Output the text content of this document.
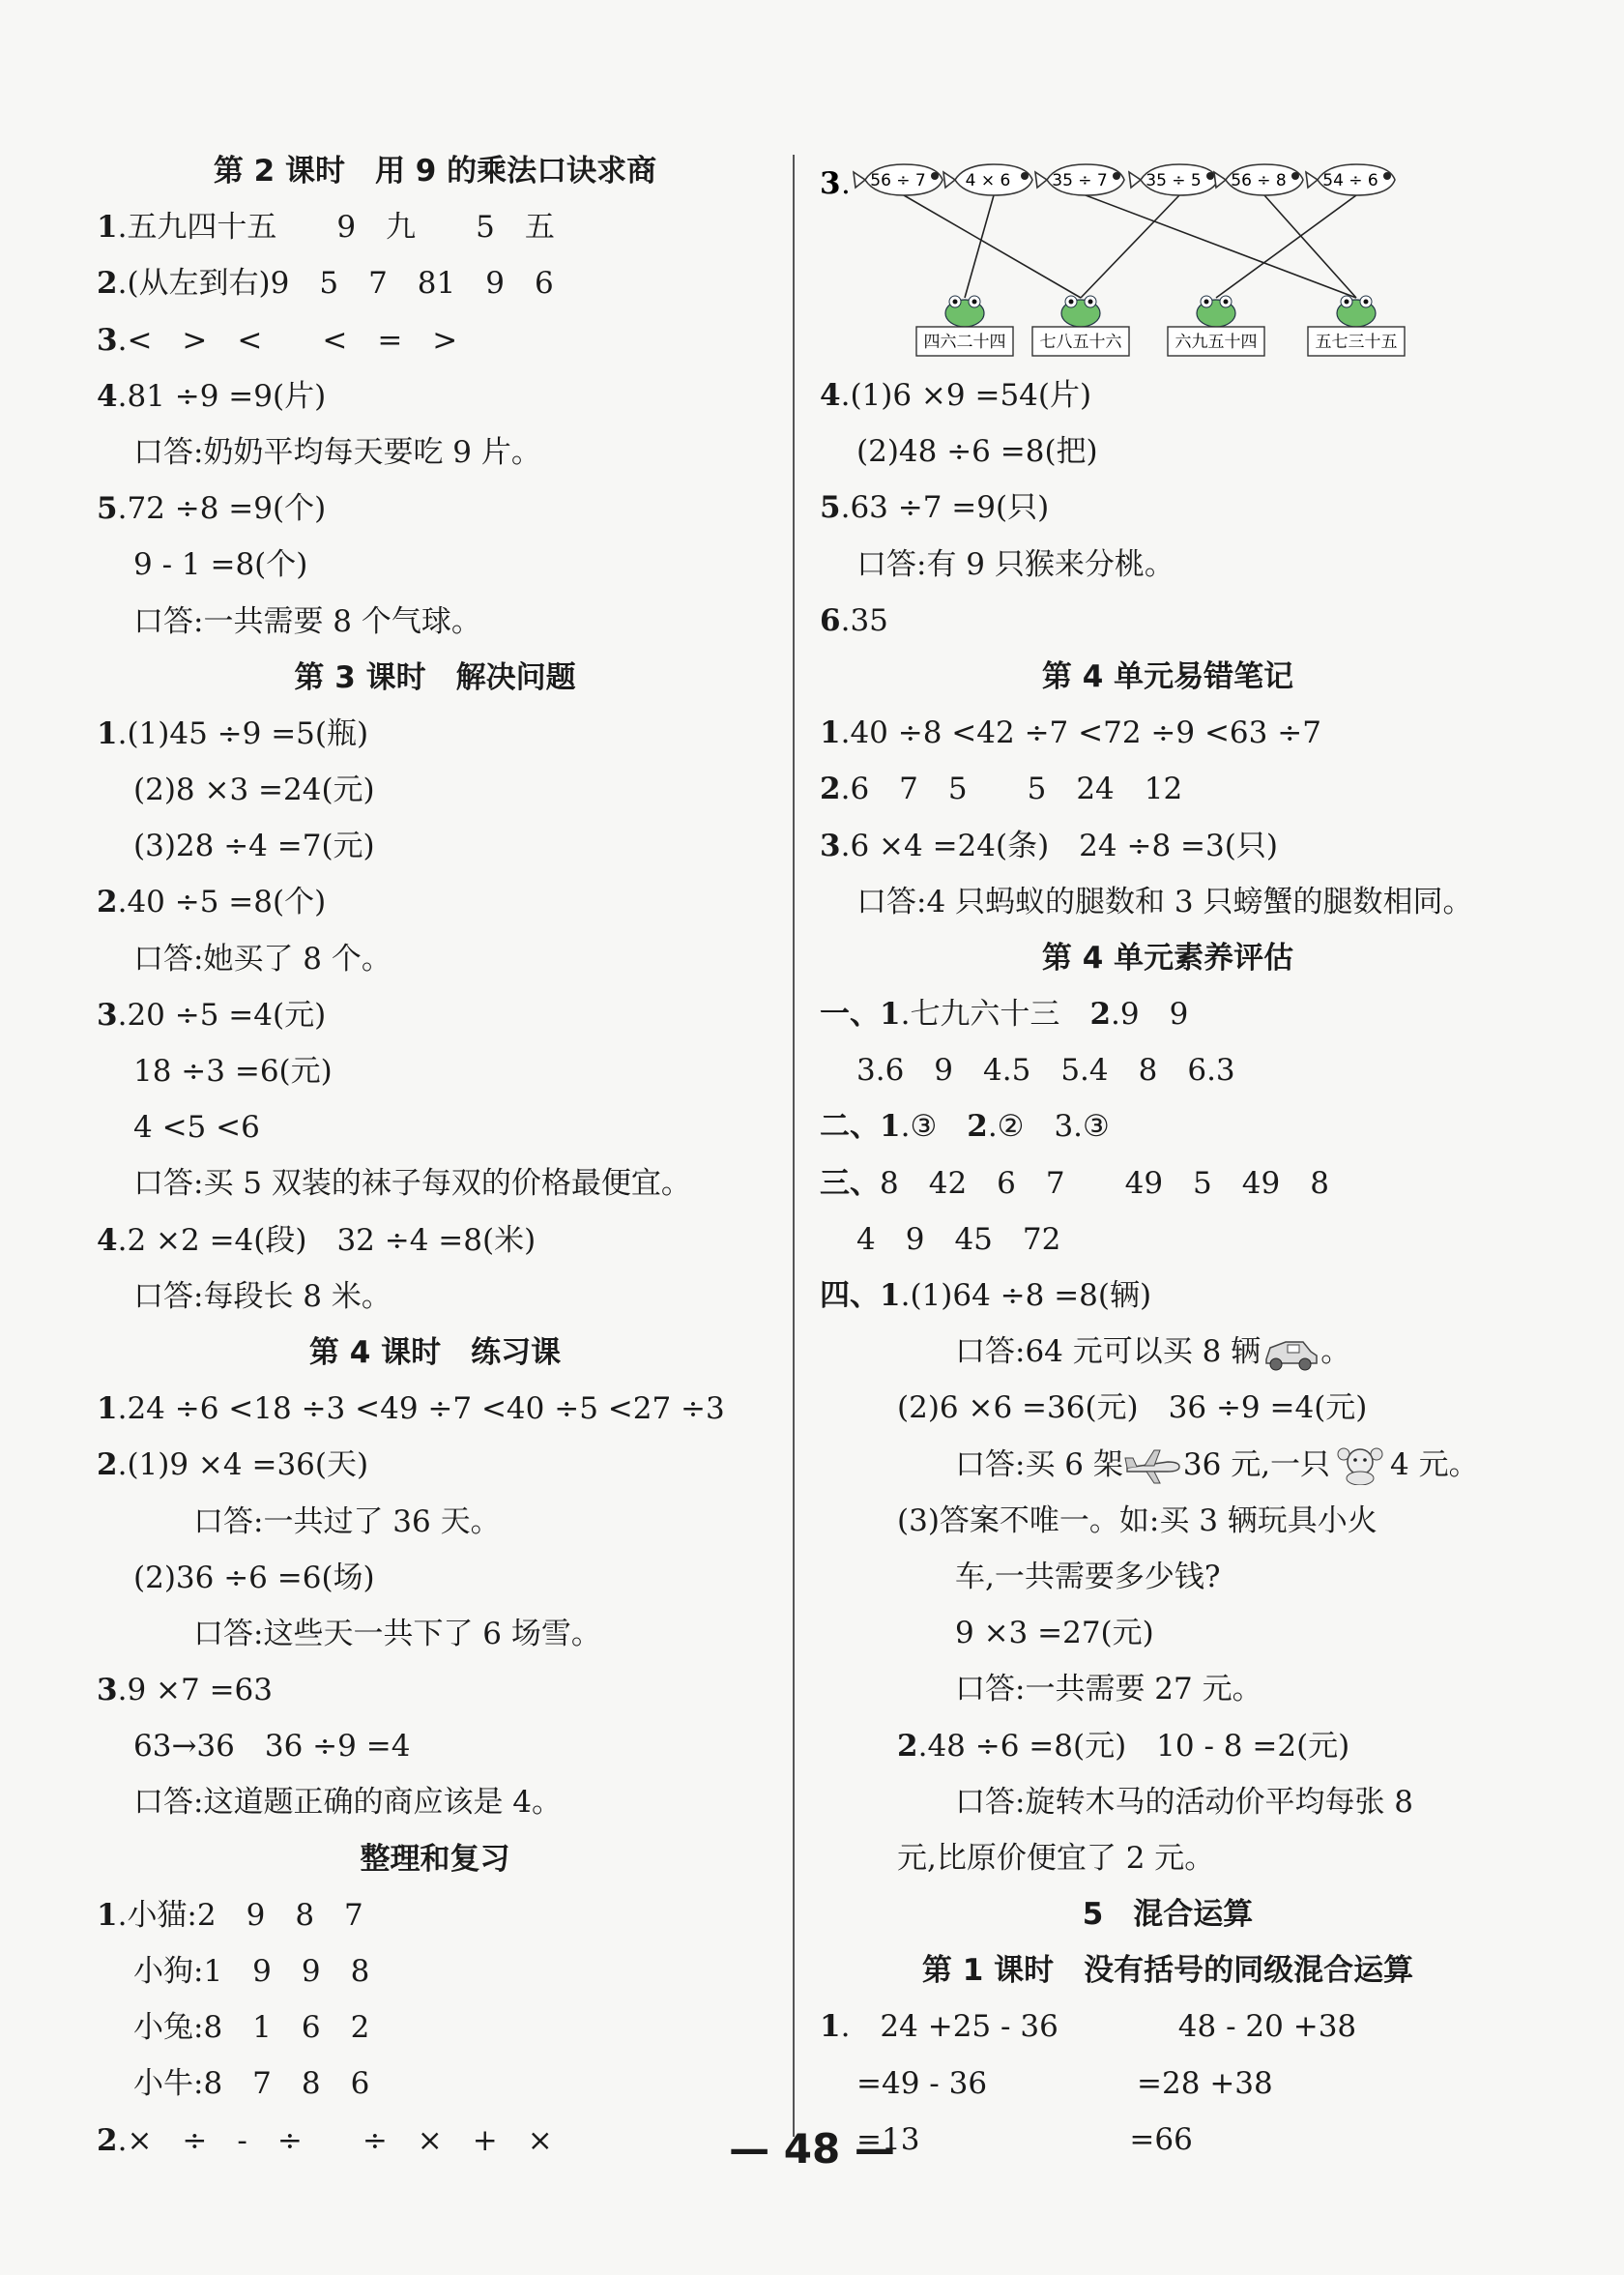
第 2 课时　用 9 的乘法口诀求商
1.五九四十五　　9　九　　5　五
2.(从左到右)9　5　7　81　9　6
3.<　>　<　　<　=　>
4.81 ÷9 =9(片)
口答:奶奶平均每天要吃 9 片。
5.72 ÷8 =9(个)
9 - 1 =8(个)
口答:一共需要 8 个气球。
第 3 课时　解决问题
1.(1)45 ÷9 =5(瓶)
(2)8 ×3 =24(元)
(3)28 ÷4 =7(元)
2.40 ÷5 =8(个)
口答:她买了 8 个。
3.20 ÷5 =4(元)
18 ÷3 =6(元)
4 <5 <6
口答:买 5 双装的袜子每双的价格最便宜。
4.2 ×2 =4(段)　32 ÷4 =8(米)
口答:每段长 8 米。
第 4 课时　练习课
1.24 ÷6 <18 ÷3 <49 ÷7 <40 ÷5 <27 ÷3
2.(1)9 ×4 =36(天)
口答:一共过了 36 天。
(2)36 ÷6 =6(场)
口答:这些天一共下了 6 场雪。
3.9 ×7 =63
63→36　36 ÷9 =4
口答:这道题正确的商应该是 4。
整理和复习
1.小猫:2　9　8　7
小狗:1　9　9　8
小兔:8　1　6　2
小牛:8　7　8　6
2.×　÷　-　÷　　÷　×　+　×
3 . 56 ÷ 7 4 × 6	35 ÷ 7 35 ÷ 5 56 ÷ 8 54 ÷ 6
四六二十四 七八五十六	六九五十四	五七三十五
4.(1)6 ×9 =54(片)
(2)48 ÷6 =8(把)
5.63 ÷7 =9(只)
口答:有 9 只猴来分桃。
6.35
第 4 单元易错笔记
1.40 ÷8 <42 ÷7 <72 ÷9 <63 ÷7
2.6　7　5　　5　24　12
3.6 ×4 =24(条)　24 ÷8 =3(只)
口答:4 只蚂蚁的腿数和 3 只螃蟹的腿数相同。
第 4 单元素养评估
一、1.七九六十三　2.9　9
3.6　9　4.5　5.4　8　6.3
二、1.③　2.②　3.③
三、8　42　6　7　　49　5　49　8
4　9　45　72
四、1.(1)64 ÷8 =8(辆)
口答:64 元可以买 8 辆 。
(2)6 ×6 =36(元)　36 ÷9 =4(元)
口答:买 6 架 36 元,一只 4 元。
(3)答案不唯一。如:买 3 辆玩具小火
车,一共需要多少钱?
9 ×3 =27(元)
口答:一共需要 27 元。
2.48 ÷6 =8(元)　10 - 8 =2(元)
口答:旋转木马的活动价平均每张 8
元,比原价便宜了 2 元。
5　混合运算
第 1 课时　没有括号的同级混合运算
1.　24 +25 - 36　　　　48 - 20 +38
=49 - 36　　　　　=28 +38
=13　　　　　　　=66
— 48 —
